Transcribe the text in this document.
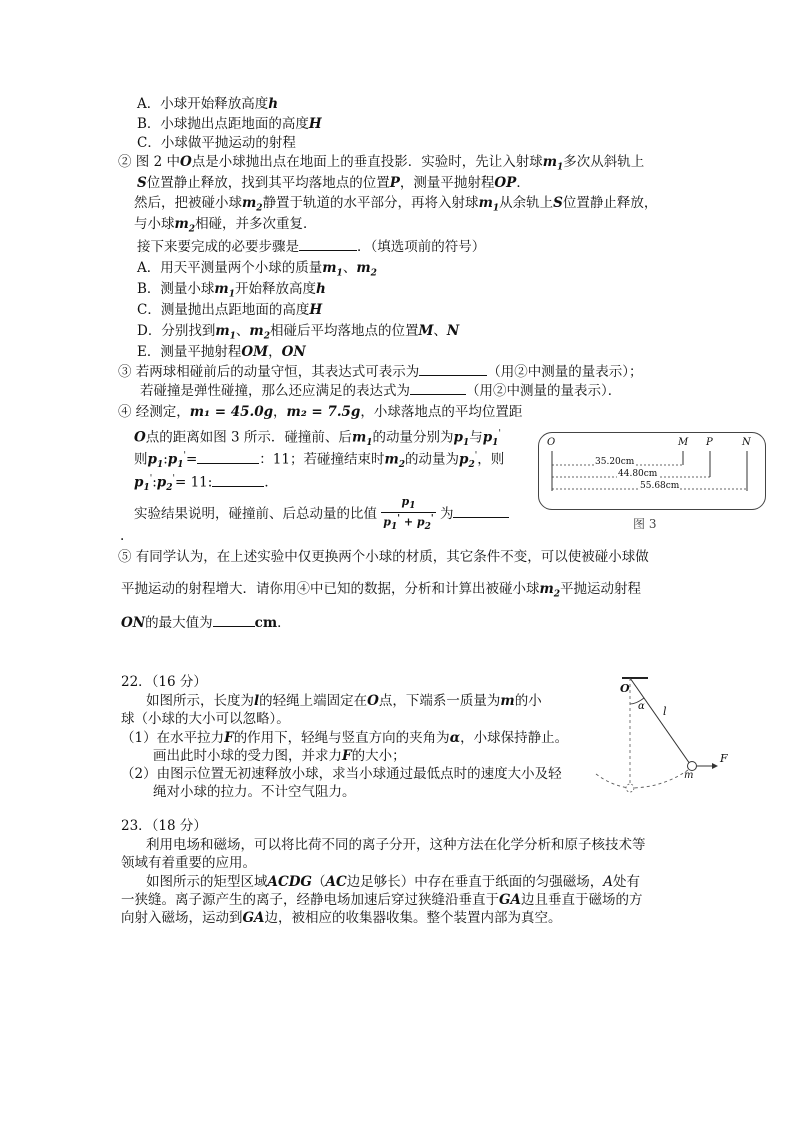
A．小球开始释放高度h
B．小球抛出点距地面的高度H
C．小球做平抛运动的射程
② 图 2 中O点是小球抛出点在地面上的垂直投影．实验时，先让入射球$m_1$多次从斜轨上
S位置静止释放，找到其平均落地点的位置P，测量平抛射程OP．
然后，把被碰小球$m_2$静置于轨道的水平部分，再将入射球$m_1$从余轨上S位置静止释放，
与小球$m_2$相碰，并多次重复．
接下来要完成的必要步骤是	．（填选项前的符号）
A．用天平测量两个小球的质量$m_1$、$m_2$
B．测量小球$m_1$开始释放高度h
C．测量抛出点距地面的高度H
D．分别找到$m_1$、$m_2$相碰后平均落地点的位置M、N
E．测量平抛射程OM，ON
③ 若两球相碰前后的动量守恒，其表达式可表示为	（用②中测量的量表示）；
若碰撞是弹性碰撞，那么还应满足的表达式为	（用②中测量的量表示）．
④ 经测定，m₁ = 45.0g，m₂ = 7.5g，小球落地点的平均位置距
O点的距离如图 3 所示．碰撞前、后$m_1$的动量分别为$p_1$与$p_1'$
则$p_1:p_1'=$	：11；若碰撞结束时$m_2$的动量为$p_2'$，则
$p_1':p_2'= 11$:	．
实验结果说明，碰撞前、后总动量的比值 $\frac{p_1}{p_1' + p_2'}$ 为
.
O	M P	N
35.20cm
44.80cm
55.68cm
图 3
⑤ 有同学认为，在上述实验中仅更换两个小球的材质，其它条件不变，可以使被碰小球做
平抛运动的射程增大．请你用④中已知的数据，分析和计算出被碰小球$m_2$平抛运动射程
ON的最大值为	cm．
22．（16 分）
如图所示，长度为l的轻绳上端固定在O点，下端系一质量为m的小
球（小球的大小可以忽略）。
（1）在水平拉力F的作用下，轻绳与竖直方向的夹角为α，小球保持静止。
画出此时小球的受力图，并求力F的大小；
（2）由图示位置无初速释放小球，求当小球通过最低点时的速度大小及轻
绳对小球的拉力。不计空气阻力。
O
α l
F
m
23．（18 分）
利用电场和磁场，可以将比荷不同的离子分开，这种方法在化学分析和原子核技术等
领域有着重要的应用。
如图所示的矩型区域ACDG（AC边足够长）中存在垂直于纸面的匀强磁场，A处有
一狭缝。离子源产生的离子，经静电场加速后穿过狭缝沿垂直于GA边且垂直于磁场的方
向射入磁场，运动到GA边，被相应的收集器收集。整个装置内部为真空。
